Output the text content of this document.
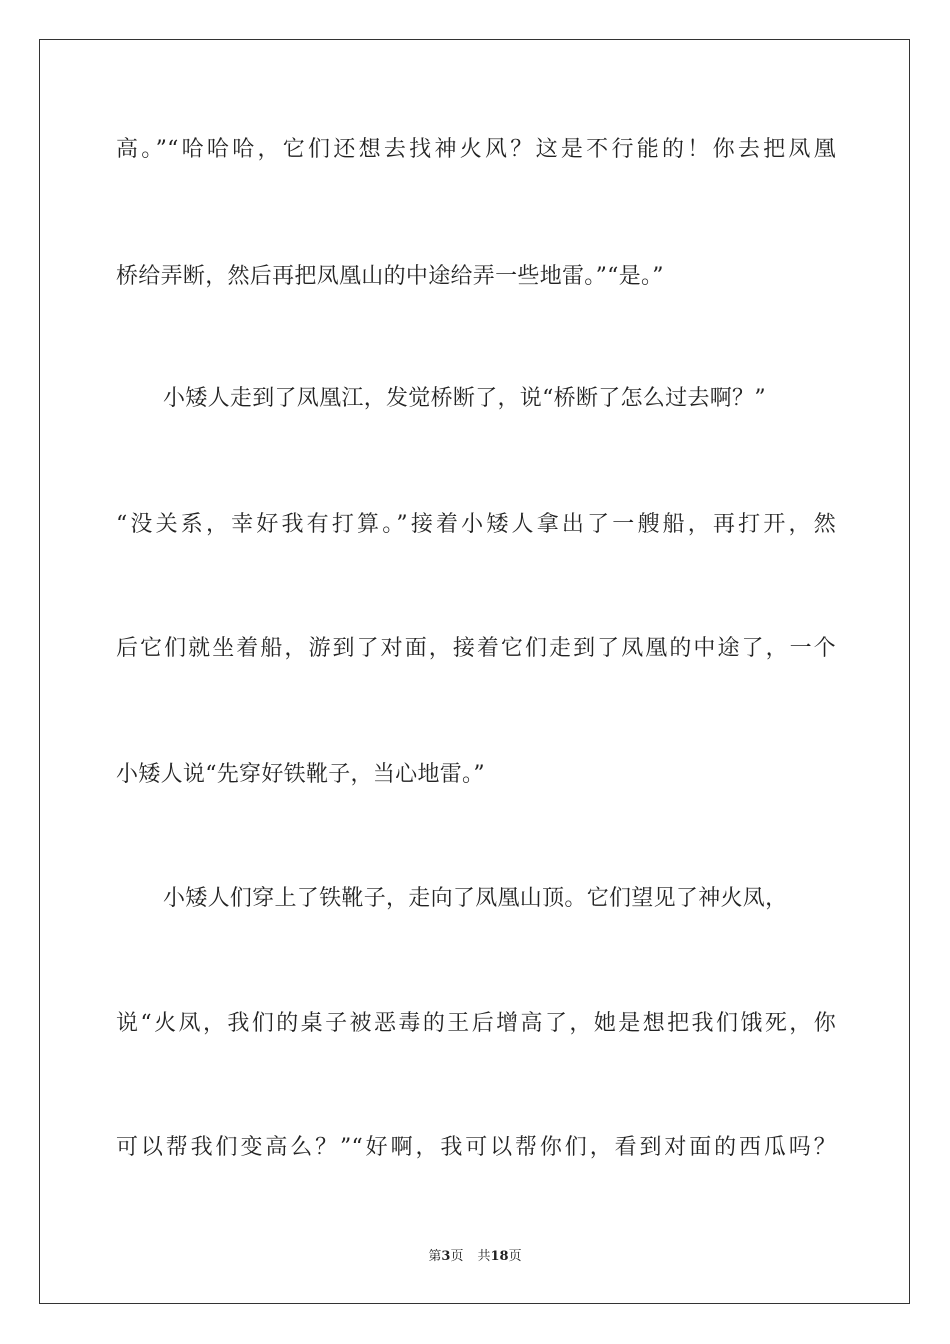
高。”“哈哈哈，它们还想去找神火风？这是不行能的！你去把凤凰
桥给弄断，然后再把凤凰山的中途给弄一些地雷。”“是。”
小矮人走到了凤凰江，发觉桥断了，说“桥断了怎么过去啊？”
“没关系，幸好我有打算。”接着小矮人拿出了一艘船，再打开，然
后它们就坐着船，游到了对面，接着它们走到了凤凰的中途了，一个
小矮人说“先穿好铁靴子，当心地雷。”
小矮人们穿上了铁靴子，走向了凤凰山顶。它们望见了神火凤，
说“火凤，我们的桌子被恶毒的王后增高了，她是想把我们饿死，你
可以帮我们变高么？”“好啊，我可以帮你们，看到对面的西瓜吗？
第3页 共18页
